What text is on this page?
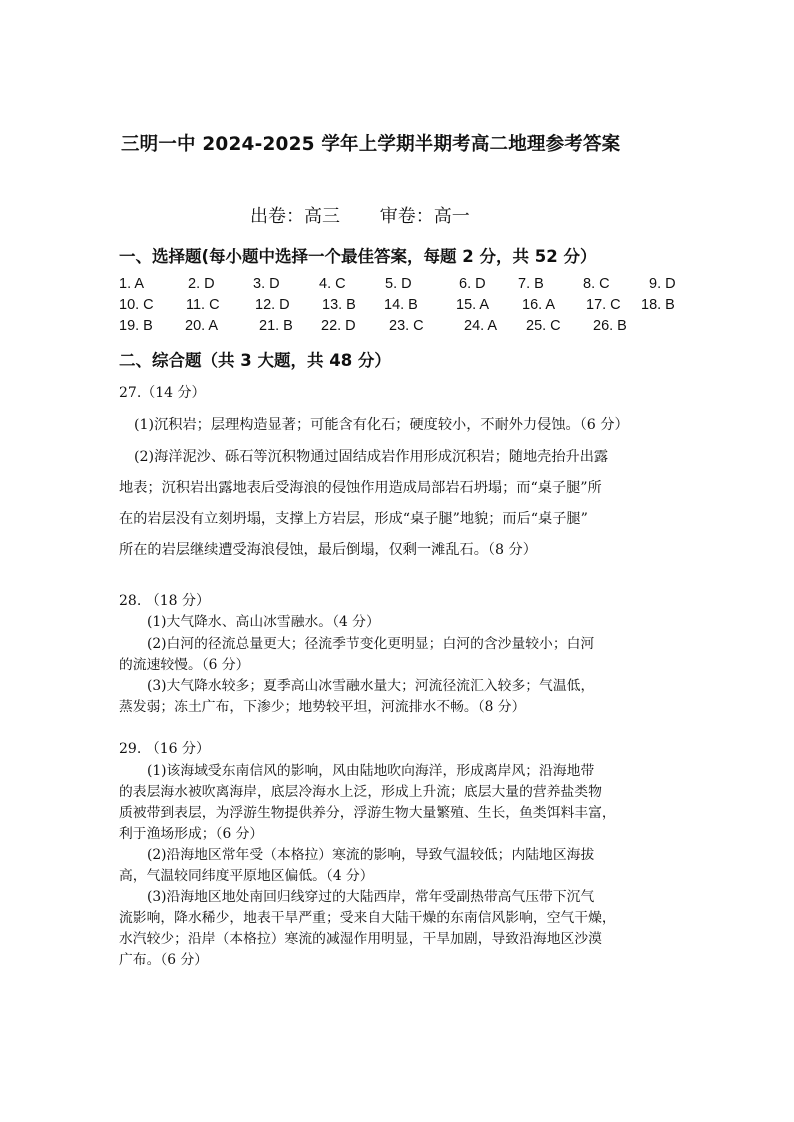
三明一中 2024-2025 学年上学期半期考高二地理参考答案
出卷：高三 审卷：高一
一、选择题(每小题中选择一个最佳答案，每题 2 分，共 52 分）
1. A	2. D	3. D	4. C	5. D	6. D 7. B	8. C	9. D
10. C 11. C 12. D 13. B 14. B	15. A 16. A 17. C 18. B
19. B 20. A	21. B 22. D 23. C	24. A 25. C 26. B
二、综合题（共 3 大题，共 48 分）
27.（14 分）
(1)沉积岩；层理构造显著；可能含有化石；硬度较小，不耐外力侵蚀。（6 分）
(2)海洋泥沙、砾石等沉积物通过固结成岩作用形成沉积岩；随地壳抬升出露
地表；沉积岩出露地表后受海浪的侵蚀作用造成局部岩石坍塌；而“桌子腿”所
在的岩层没有立刻坍塌，支撑上方岩层，形成“桌子腿”地貌；而后“桌子腿”
所在的岩层继续遭受海浪侵蚀，最后倒塌，仅剩一滩乱石。（8 分）
28. （18 分）
(1)大气降水、高山冰雪融水。（4 分）
(2)白河的径流总量更大；径流季节变化更明显；白河的含沙量较小；白河
的流速较慢。（6 分）
(3)大气降水较多；夏季高山冰雪融水量大；河流径流汇入较多；气温低，
蒸发弱；冻土广布，下渗少；地势较平坦，河流排水不畅。（8 分）
29. （16 分）
(1)该海域受东南信风的影响，风由陆地吹向海洋，形成离岸风；沿海地带
的表层海水被吹离海岸，底层冷海水上泛，形成上升流；底层大量的营养盐类物
质被带到表层，为浮游生物提供养分，浮游生物大量繁殖、生长，鱼类饵料丰富，
利于渔场形成；（6 分）
(2)沿海地区常年受（本格拉）寒流的影响，导致气温较低；内陆地区海拔
高，气温较同纬度平原地区偏低。（4 分）
(3)沿海地区地处南回归线穿过的大陆西岸，常年受副热带高气压带下沉气
流影响，降水稀少，地表干旱严重；受来自大陆干燥的东南信风影响，空气干燥，
水汽较少；沿岸（本格拉）寒流的减湿作用明显，干旱加剧，导致沿海地区沙漠
广布。（6 分）
